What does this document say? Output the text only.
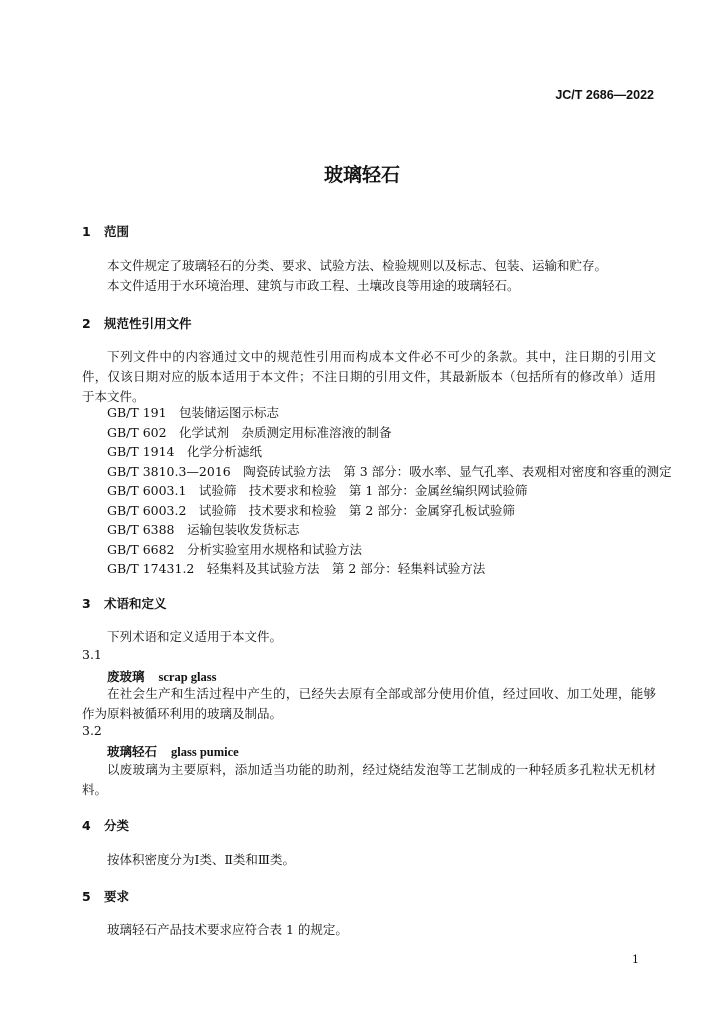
JC/T 2686—2022
玻璃轻石
1 范围
本文件规定了玻璃轻石的分类、要求、试验方法、检验规则以及标志、包装、运输和贮存。
本文件适用于水环境治理、建筑与市政工程、土壤改良等用途的玻璃轻石。
2 规范性引用文件
下列文件中的内容通过文中的规范性引用而构成本文件必不可少的条款。其中，注日期的引用文件，仅该日期对应的版本适用于本文件；不注日期的引用文件，其最新版本（包括所有的修改单）适用于本文件。
GB/T 191　包装储运图示标志
GB/T 602　化学试剂　杂质测定用标准溶液的制备
GB/T 1914　化学分析滤纸
GB/T 3810.3—2016　陶瓷砖试验方法　第 3 部分：吸水率、显气孔率、表观相对密度和容重的测定
GB/T 6003.1　试验筛　技术要求和检验　第 1 部分：金属丝编织网试验筛
GB/T 6003.2　试验筛　技术要求和检验　第 2 部分：金属穿孔板试验筛
GB/T 6388　运输包装收发货标志
GB/T 6682　分析实验室用水规格和试验方法
GB/T 17431.2　轻集料及其试验方法　第 2 部分：轻集料试验方法
3 术语和定义
下列术语和定义适用于本文件。
3.1
废玻璃 scrap glass
在社会生产和生活过程中产生的，已经失去原有全部或部分使用价值，经过回收、加工处理，能够作为原料被循环利用的玻璃及制品。
3.2
玻璃轻石 glass pumice
以废玻璃为主要原料，添加适当功能的助剂，经过烧结发泡等工艺制成的一种轻质多孔粒状无机材料。
4 分类
按体积密度分为Ⅰ类、Ⅱ类和Ⅲ类。
5 要求
玻璃轻石产品技术要求应符合表 1 的规定。
1
